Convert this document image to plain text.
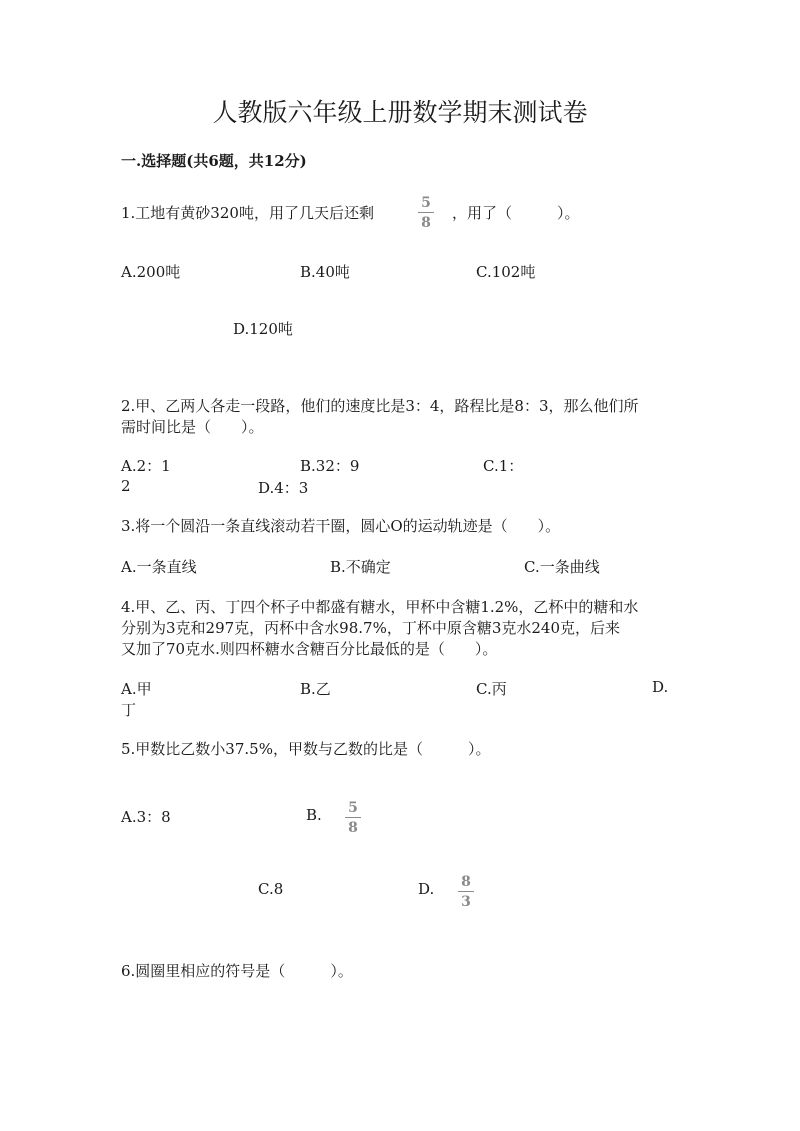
人教版六年级上册数学期末测试卷
一.选择题(共6题，共12分)
1.工地有黄砂320吨，用了几天后还剩
5
8
，用了（　　　）。
A.200吨	B.40吨	C.102吨
D.120吨
2.甲、乙两人各走一段路，他们的速度比是3：4，路程比是8：3，那么他们所
需时间比是（　　）。
A.2：1	B.32：9	C.1：
2	D.4：3
3.将一个圆沿一条直线滚动若干圈，圆心O的运动轨迹是（　　）。
A.一条直线	B.不确定	C.一条曲线
4.甲、乙、丙、丁四个杯子中都盛有糖水，甲杯中含糖1.2%，乙杯中的糖和水
分别为3克和297克，丙杯中含水98.7%，丁杯中原含糖3克水240克，后来
又加了70克水.则四杯糖水含糖百分比最低的是（　　）。
A.甲	B.乙	C.丙	D.
丁
5.甲数比乙数小37.5%，甲数与乙数的比是（　　　）。
A.3：8	B. 5
8
C.8	D. 8
3
6.圆圈里相应的符号是（　　　）。
